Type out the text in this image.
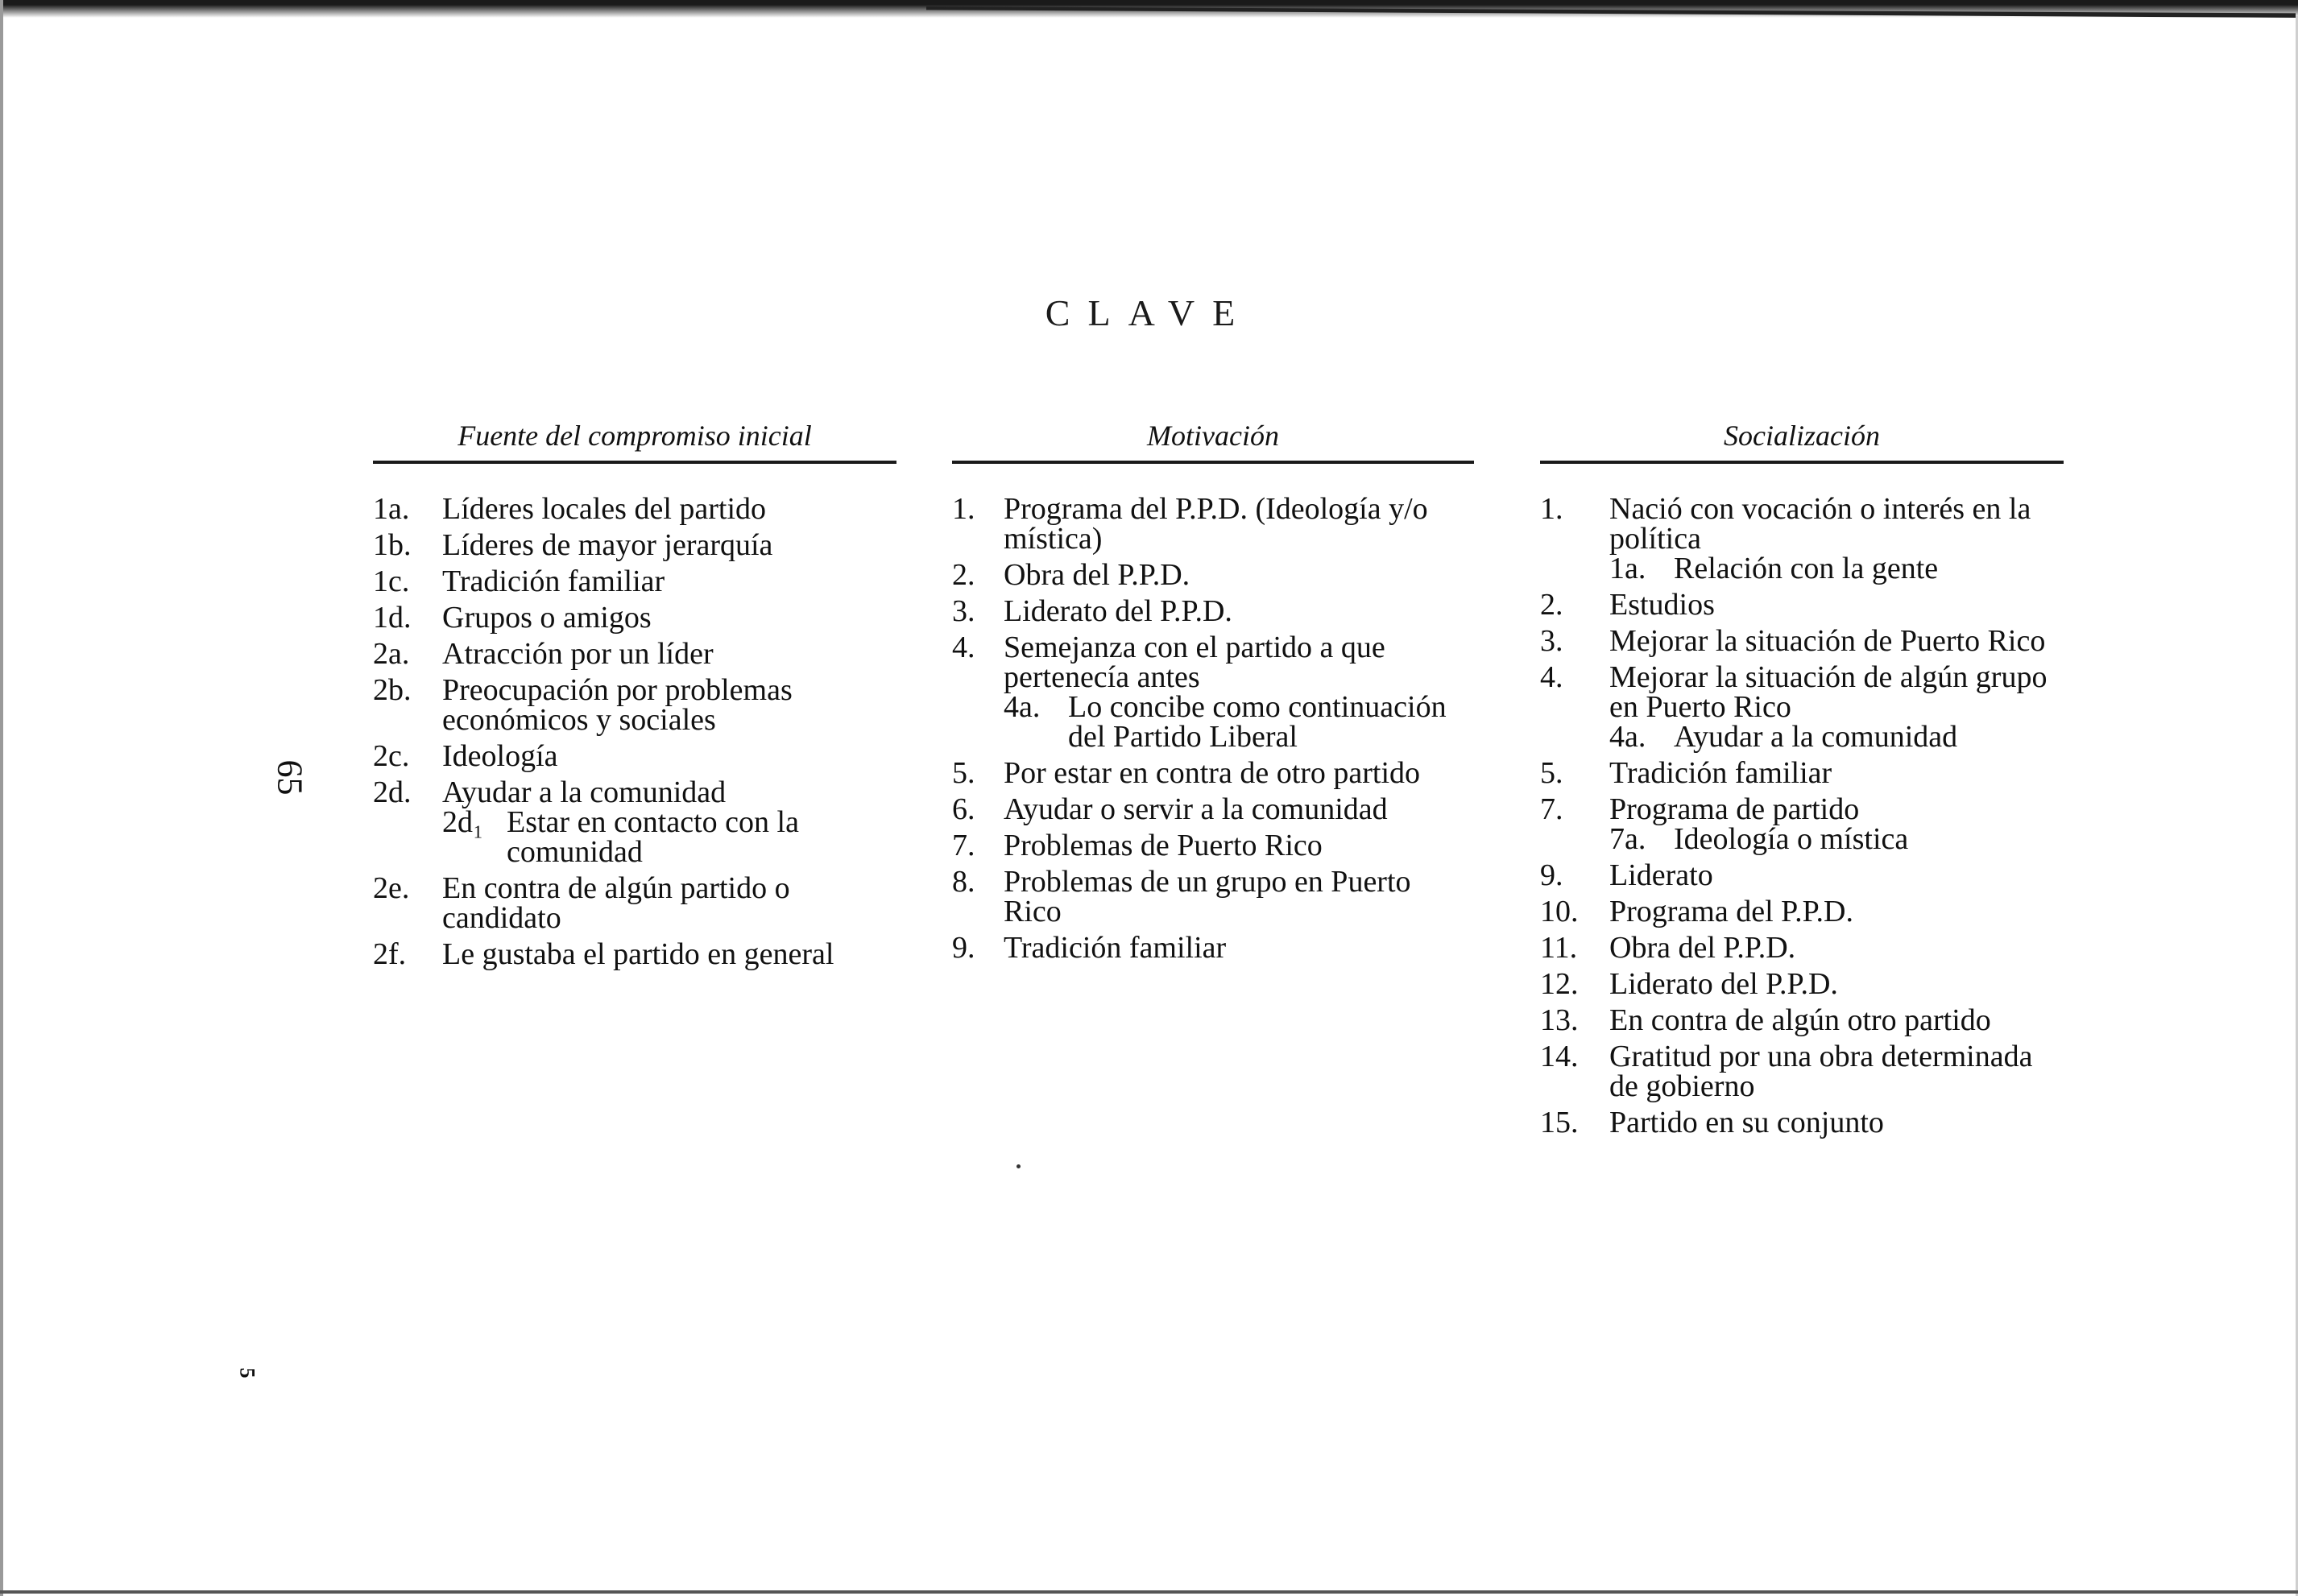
CLAVE
65
5
Fuente del compromiso inicial
1a.	Líderes locales del partido
1b.	Líderes de mayor jerarquía
1c.	Tradición familiar
1d.	Grupos o amigos
2a.	Atracción por un líder
2b.	Preocupación por problemas económicos y sociales
2c.	Ideología
2d.	Ayudar a la comunidad
2d₁ Estar en contacto con la comunidad
2e.	En contra de algún partido o candidato
2f.	Le gustaba el partido en general
Motivación
1. Programa del P.P.D. (Ideología y/o mística)
2. Obra del P.P.D.
3. Liderato del P.P.D.
4. Semejanza con el partido a que pertenecía antes
4a. Lo concibe como continuación del Partido Liberal
5. Por estar en contra de otro partido
6. Ayudar o servir a la comunidad
7. Problemas de Puerto Rico
8. Problemas de un grupo en Puerto Rico
9. Tradición familiar
Socialización
1.	Nació con vocación o interés en la política
1a. Relación con la gente
2.	Estudios
3.	Mejorar la situación de Puerto Rico
4.	Mejorar la situación de algún grupo en Puerto Rico
4a. Ayudar a la comunidad
5.	Tradición familiar
7.	Programa de partido
7a. Ideología o mística
9.	Liderato
10.	Programa del P.P.D.
11.	Obra del P.P.D.
12.	Liderato del P.P.D.
13.	En contra de algún otro partido
14.	Gratitud por una obra determinada de gobierno
15.	Partido en su conjunto
